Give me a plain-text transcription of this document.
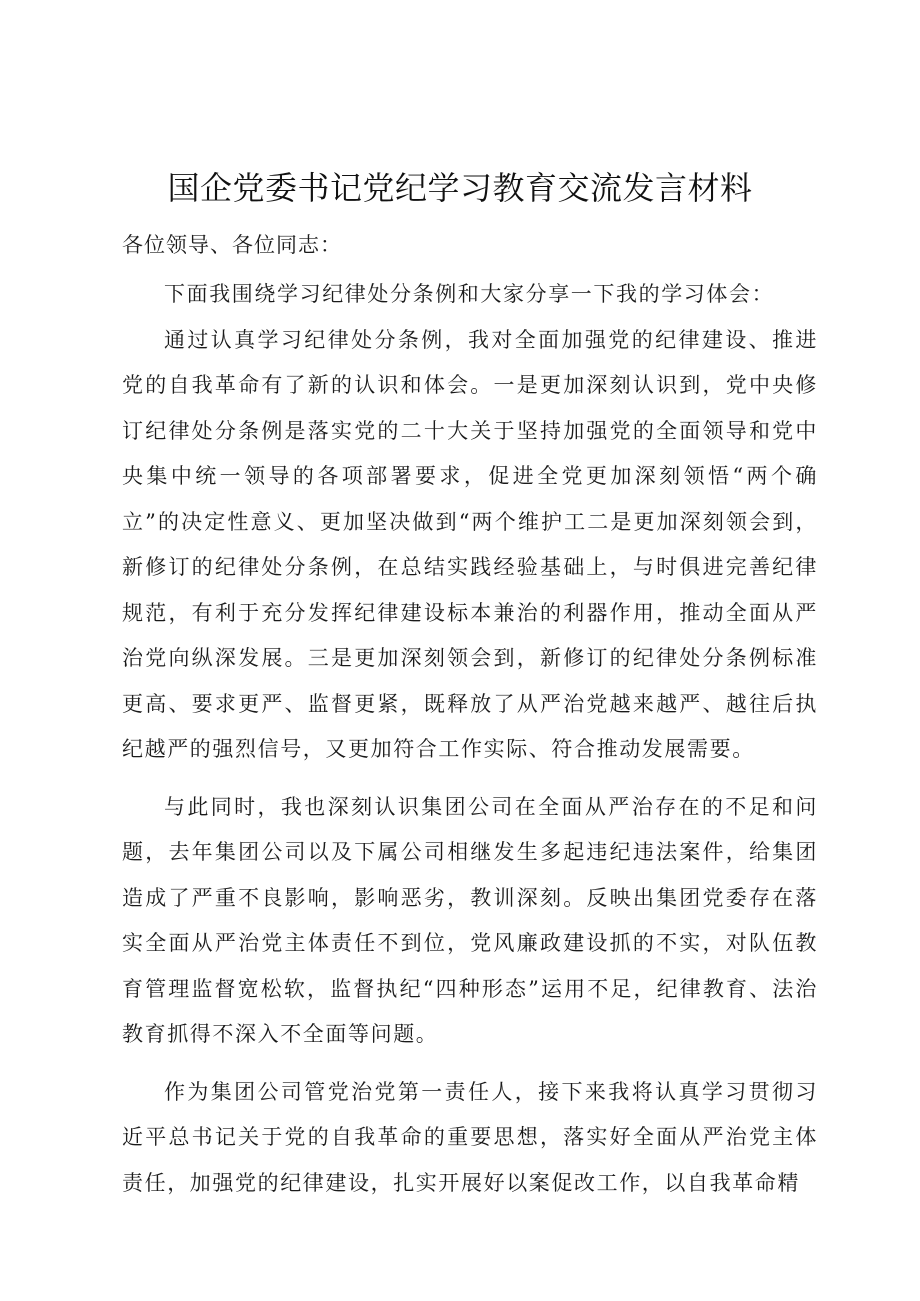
国企党委书记党纪学习教育交流发言材料

各位领导、各位同志：

下面我围绕学习纪律处分条例和大家分享一下我的学习体会：

通过认真学习纪律处分条例，我对全面加强党的纪律建设、推进党的自我革命有了新的认识和体会。一是更加深刻认识到，党中央修订纪律处分条例是落实党的二十大关于坚持加强党的全面领导和党中央集中统一领导的各项部署要求，促进全党更加深刻领悟“两个确立”的决定性意义、更加坚决做到“两个维护工二是更加深刻领会到，新修订的纪律处分条例，在总结实践经验基础上，与时俱进完善纪律规范，有利于充分发挥纪律建设标本兼治的利器作用，推动全面从严治党向纵深发展。三是更加深刻领会到，新修订的纪律处分条例标准更高、要求更严、监督更紧，既释放了从严治党越来越严、越往后执纪越严的强烈信号，又更加符合工作实际、符合推动发展需要。

与此同时，我也深刻认识集团公司在全面从严治存在的不足和问题，去年集团公司以及下属公司相继发生多起违纪违法案件，给集团造成了严重不良影响，影响恶劣，教训深刻。反映出集团党委存在落实全面从严治党主体责任不到位，党风廉政建设抓的不实，对队伍教育管理监督宽松软，监督执纪“四种形态”运用不足，纪律教育、法治教育抓得不深入不全面等问题。

作为集团公司管党治党第一责任人，接下来我将认真学习贯彻习近平总书记关于党的自我革命的重要思想，落实好全面从严治党主体责任，加强党的纪律建设，扎实开展好以案促改工作，以自我革命精
